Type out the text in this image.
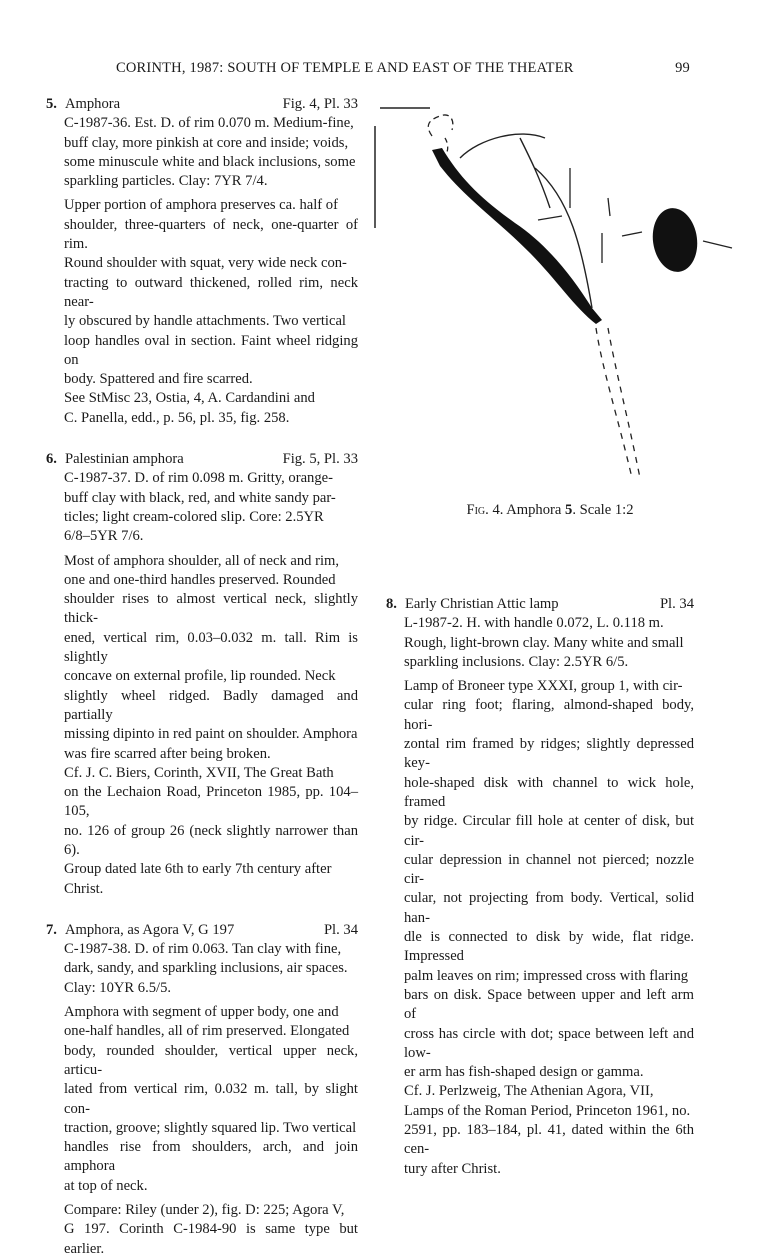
CORINTH, 1987: SOUTH OF TEMPLE E AND EAST OF THE THEATER	99
5. Amphora	Fig. 4, Pl. 33
C-1987-36. Est. D. of rim 0.070 m. Medium-fine,
buff clay, more pinkish at core and inside; voids,
some minuscule white and black inclusions, some
sparkling particles. Clay: 7YR 7/4.
Upper portion of amphora preserves ca. half of
shoulder, three-quarters of neck, one-quarter of rim.
Round shoulder with squat, very wide neck con-
tracting to outward thickened, rolled rim, neck near-
ly obscured by handle attachments. Two vertical
loop handles oval in section. Faint wheel ridging on
body. Spattered and fire scarred.
See StMisc 23, Ostia, 4, A. Cardandini and
C. Panella, edd., p. 56, pl. 35, fig. 258.
6. Palestinian amphora	Fig. 5, Pl. 33
C-1987-37. D. of rim 0.098 m. Gritty, orange-
buff clay with black, red, and white sandy par-
ticles; light cream-colored slip. Core: 2.5YR
6/8–5YR 7/6.
Most of amphora shoulder, all of neck and rim,
one and one-third handles preserved. Rounded
shoulder rises to almost vertical neck, slightly thick-
ened, vertical rim, 0.03–0.032 m. tall. Rim is slightly
concave on external profile, lip rounded. Neck
slightly wheel ridged. Badly damaged and partially
missing dipinto in red paint on shoulder. Amphora
was fire scarred after being broken.
Cf. J. C. Biers, Corinth, XVII, The Great Bath
on the Lechaion Road, Princeton 1985, pp. 104–105,
no. 126 of group 26 (neck slightly narrower than 6).
Group dated late 6th to early 7th century after
Christ.
7. Amphora, as Agora V, G 197	Pl. 34
C-1987-38. D. of rim 0.063. Tan clay with fine,
dark, sandy, and sparkling inclusions, air spaces.
Clay: 10YR 6.5/5.
Amphora with segment of upper body, one and
one-half handles, all of rim preserved. Elongated
body, rounded shoulder, vertical upper neck, articu-
lated from vertical rim, 0.032 m. tall, by slight con-
traction, groove; slightly squared lip. Two vertical
handles rise from shoulders, arch, and join amphora
at top of neck.
Compare: Riley (under 2), fig. D: 225; Agora V,
G 197. Corinth C-1984-90 is same type but earlier.
Fig. 4. Amphora 5. Scale 1:2
8. Early Christian Attic lamp	Pl. 34
L-1987-2. H. with handle 0.072, L. 0.118 m.
Rough, light-brown clay. Many white and small
sparkling inclusions. Clay: 2.5YR 6/5.
Lamp of Broneer type XXXI, group 1, with cir-
cular ring foot; flaring, almond-shaped body, hori-
zontal rim framed by ridges; slightly depressed key-
hole-shaped disk with channel to wick hole, framed
by ridge. Circular fill hole at center of disk, but cir-
cular depression in channel not pierced; nozzle cir-
cular, not projecting from body. Vertical, solid han-
dle is connected to disk by wide, flat ridge. Impressed
palm leaves on rim; impressed cross with flaring
bars on disk. Space between upper and left arm of
cross has circle with dot; space between left and low-
er arm has fish-shaped design or gamma.
Cf. J. Perlzweig, The Athenian Agora, VII,
Lamps of the Roman Period, Princeton 1961, no.
2591, pp. 183–184, pl. 41, dated within the 6th cen-
tury after Christ.
